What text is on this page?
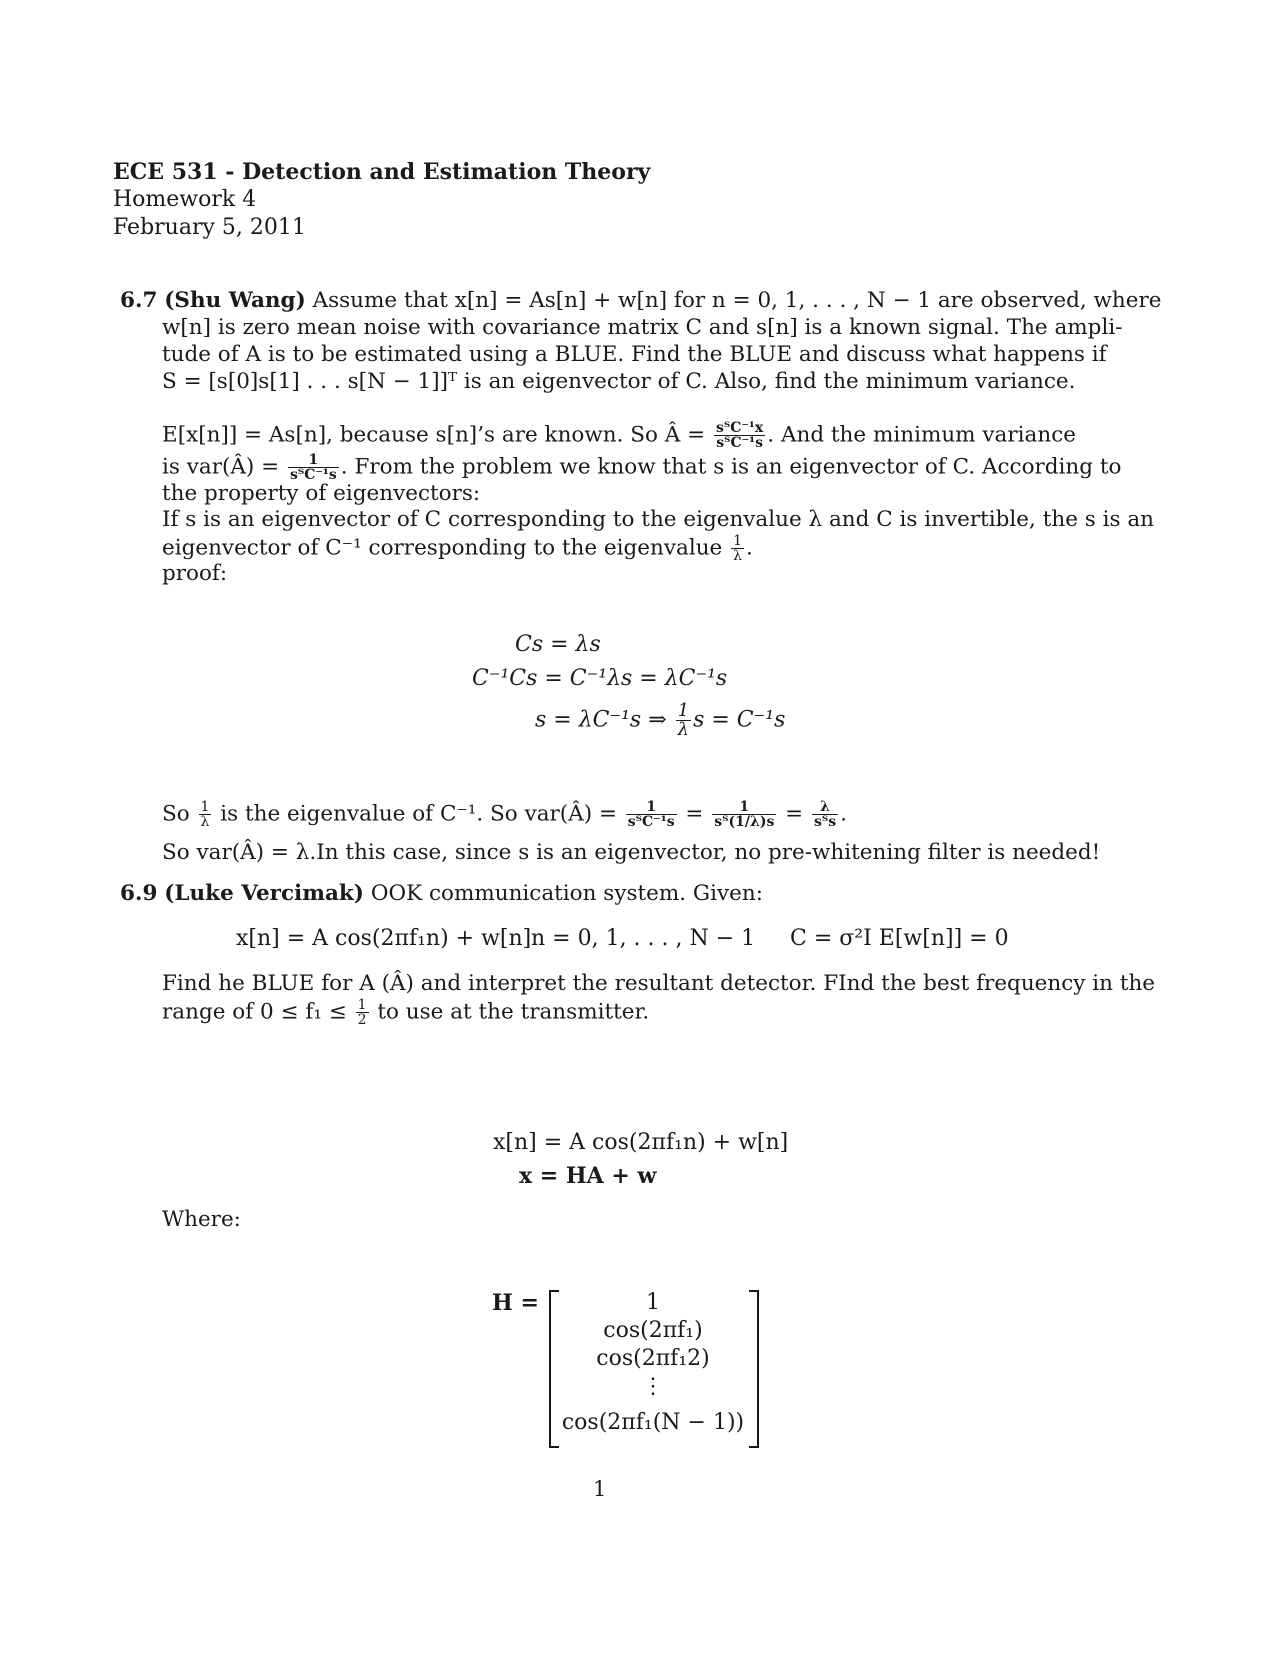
ECE 531 - Detection and Estimation Theory
Homework 4
February 5, 2011
6.7 (Shu Wang) Assume that x[n] = As[n] + w[n] for n = 0, 1, . . . , N − 1 are observed, where
w[n] is zero mean noise with covariance matrix C and s[n] is a known signal. The ampli-
tude of A is to be estimated using a BLUE. Find the BLUE and discuss what happens if
S = [s[0]s[1] . . . s[N − 1]]ᵀ is an eigenvector of C. Also, find the minimum variance.
E[x[n]] = As[n], because s[n]’s are known. So Â = $\frac{\text{sᵀC⁻¹x}}{\text{sᵀC⁻¹s}}$ . And the minimum variance
is var(Â) = $\frac{1}{\text{sᵀC⁻¹s}}$ . From the problem we know that s is an eigenvector of C. According to
the property of eigenvectors:
If s is an eigenvector of C corresponding to the eigenvalue λ and C is invertible, the s is an
eigenvector of C⁻¹ corresponding to the eigenvalue $\frac{1}{\lambda}$ .
proof:
Cs = λs
C⁻¹Cs = C⁻¹λs = λC⁻¹s
s = λC⁻¹s ⇒ $\frac{1}{\lambda}$ s = C⁻¹s
So $\frac{1}{\lambda}$ is the eigenvalue of C⁻¹. So var(Â) = $\frac{1}{\text{sᵀC⁻¹s}} = \frac{1}{\text{sᵀ(1/λ)s}} = \frac{\lambda}{\text{sᵀs}}$ .
So var(Â) = λ.In this case, since s is an eigenvector, no pre-whitening filter is needed!
6.9 (Luke Vercimak) OOK communication system. Given:
x[n] = A cos(2πf₁n) + w[n] n = 0, 1, . . . , N − 1 C = σ²I E[w[n]] = 0
Find he BLUE for A (Â) and interpret the resultant detector. FInd the best frequency in the
range of $0 \le f_1 \le \frac{1}{2}$ to use at the transmitter.
x[n] = A cos(2πf₁n) + w[n]
x = HA + w
Where:
H =	1
cos(2πf₁)
cos(2πf₁2)
⋮
cos(2πf₁(N − 1))
1
